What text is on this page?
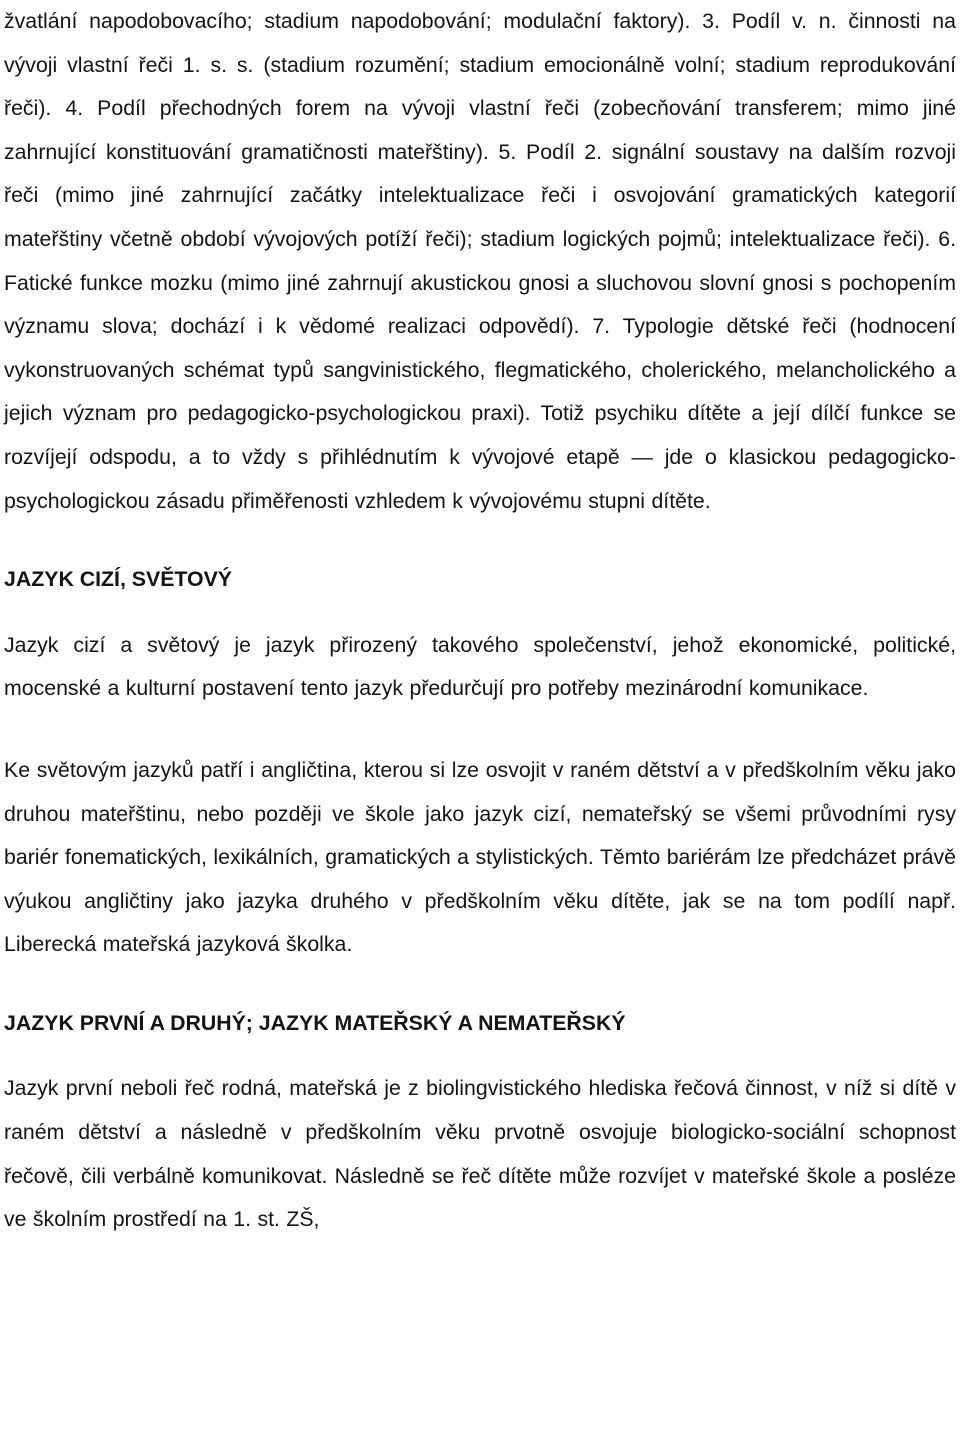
žvatlání napodobovacího; stadium napodobování; modulační faktory). 3. Podíl v. n. činnosti na vývoji vlastní řeči 1. s. s. (stadium rozumění; stadium emocionálně volní; stadium reprodukování řeči). 4. Podíl přechodných forem na vývoji vlastní řeči (zobecňování transferem; mimo jiné zahrnující konstituování gramatičnosti mateřštiny). 5. Podíl 2. signální soustavy na dalším rozvoji řeči (mimo jiné zahrnující začátky intelektualizace řeči i osvojování gramatických kategorií mateřštiny včetně období vývojových potíží řeči); stadium logických pojmů; intelektualizace řeči). 6. Fatické funkce mozku (mimo jiné zahrnují akustickou gnosi a sluchovou slovní gnosi s pochopením významu slova; dochází i k vědomé realizaci odpovědí). 7. Typologie dětské řeči (hodnocení vykonstruovaných schémat typů sangvinistického, flegmatického, cholerického, melancholického a jejich význam pro pedagogicko-psychologickou praxi). Totiž psychiku dítěte a její dílčí funkce se rozvíjejí odspodu, a to vždy s přihlédnutím k vývojové etapě — jde o klasickou pedagogicko-psychologickou zásadu přiměřenosti vzhledem k vývojovému stupni dítěte.

JAZYK CIZÍ, SVĚTOVÝ

Jazyk cizí a světový je jazyk přirozený takového společenství, jehož ekonomické, politické, mocenské a kulturní postavení tento jazyk předurčují pro potřeby mezinárodní komunikace.

Ke světovým jazyků patří i angličtina, kterou si lze osvojit v raném dětství a v předškolním věku jako druhou mateřštinu, nebo později ve škole jako jazyk cizí, nemateřský se všemi průvodními rysy bariér fonematických, lexikálních, gramatických a stylistických. Těmto bariérám lze předcházet právě výukou angličtiny jako jazyka druhého v předškolním věku dítěte, jak se na tom podílí např. Liberecká mateřská jazyková školka.

JAZYK PRVNÍ A DRUHÝ; JAZYK MATEŘSKÝ A NEMATEŘSKÝ

Jazyk první neboli řeč rodná, mateřská je z biolingvistického hlediska řečová činnost, v níž si dítě v raném dětství a následně v předškolním věku prvotně osvojuje biologicko-sociální schopnost řečově, čili verbálně komunikovat. Následně se řeč dítěte může rozvíjet v mateřské škole a posléze ve školním prostředí na 1. st. ZŠ,
